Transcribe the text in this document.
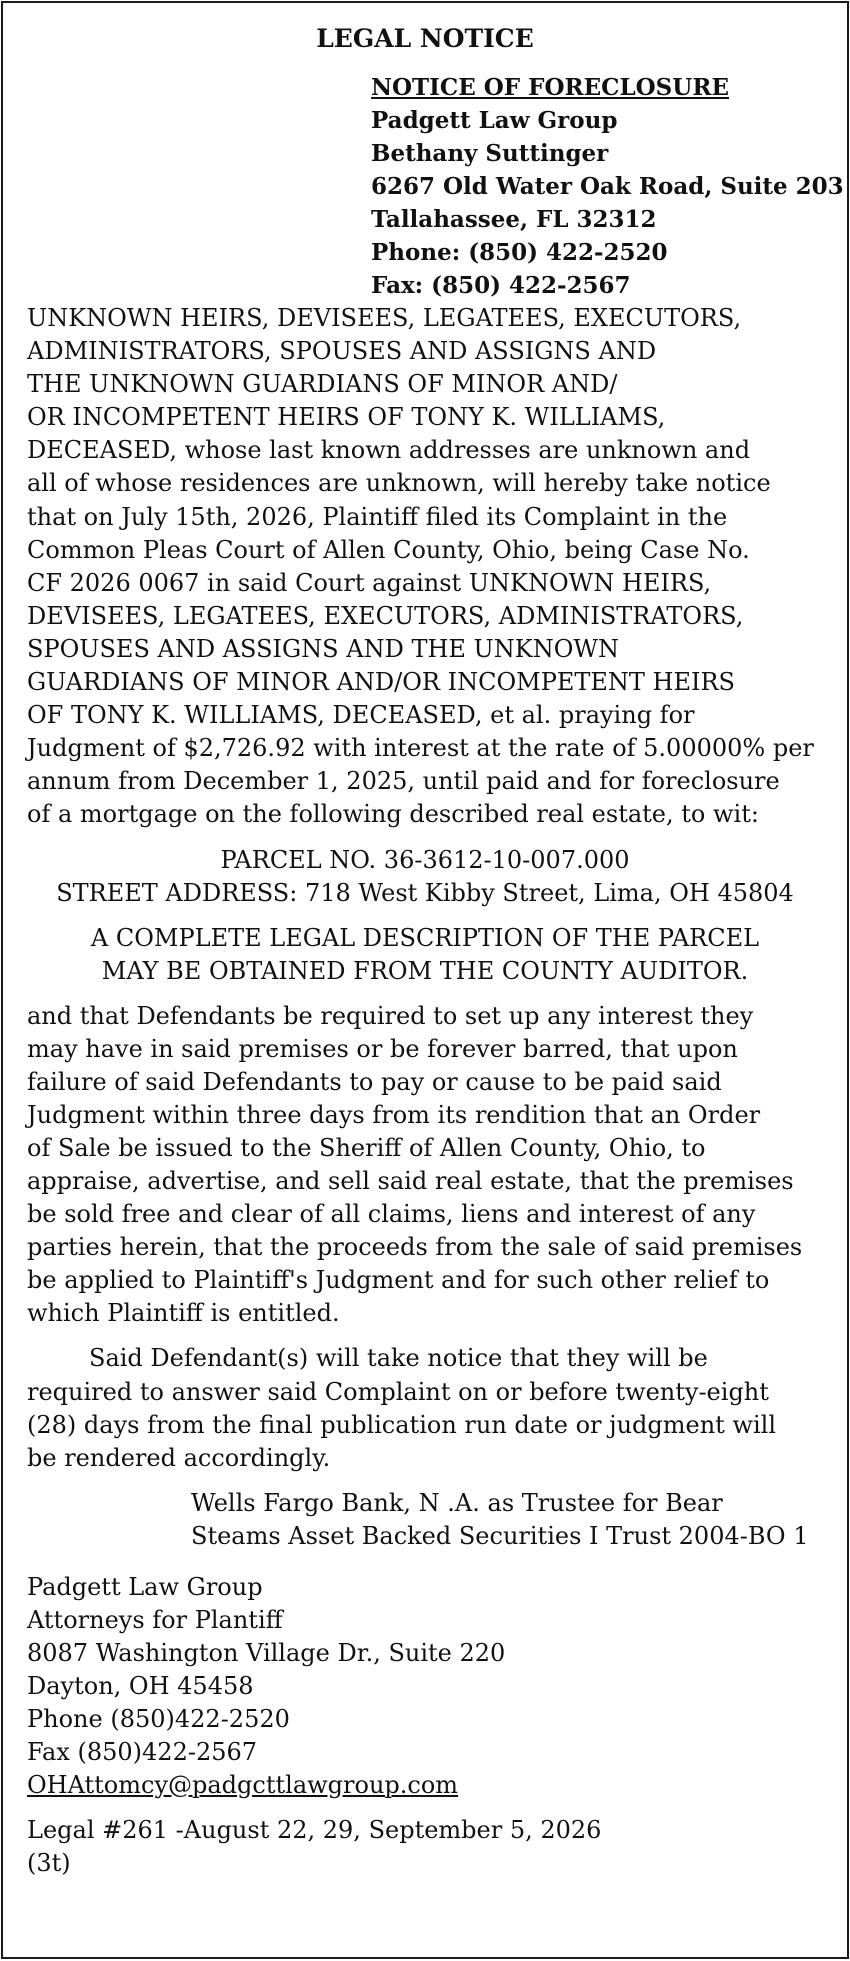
LEGAL NOTICE
NOTICE OF FORECLOSURE
Padgett Law Group
Bethany Suttinger
6267 Old Water Oak Road, Suite 203
Tallahassee, FL 32312
Phone: (850) 422-2520
Fax: (850) 422-2567
UNKNOWN HEIRS, DEVISEES, LEGATEES, EXECUTORS,
ADMINISTRATORS, SPOUSES AND ASSIGNS AND
THE UNKNOWN GUARDIANS OF MINOR AND/
OR INCOMPETENT HEIRS OF TONY K. WILLIAMS,
DECEASED, whose last known addresses are unknown and
all of whose residences are unknown, will hereby take notice
that on July 15th, 2026, Plaintiff filed its Complaint in the
Common Pleas Court of Allen County, Ohio, being Case No.
CF 2026 0067 in said Court against UNKNOWN HEIRS,
DEVISEES, LEGATEES, EXECUTORS, ADMINISTRATORS,
SPOUSES AND ASSIGNS AND THE UNKNOWN
GUARDIANS OF MINOR AND/OR INCOMPETENT HEIRS
OF TONY K. WILLIAMS, DECEASED, et al. praying for
Judgment of $2,726.92 with interest at the rate of 5.00000% per
annum from December 1, 2025, until paid and for foreclosure
of a mortgage on the following described real estate, to wit:
PARCEL NO. 36-3612-10-007.000
STREET ADDRESS: 718 West Kibby Street, Lima, OH 45804
A COMPLETE LEGAL DESCRIPTION OF THE PARCEL
MAY BE OBTAINED FROM THE COUNTY AUDITOR.
and that Defendants be required to set up any interest they
may have in said premises or be forever barred, that upon
failure of said Defendants to pay or cause to be paid said
Judgment within three days from its rendition that an Order
of Sale be issued to the Sheriff of Allen County, Ohio, to
appraise, advertise, and sell said real estate, that the premises
be sold free and clear of all claims, liens and interest of any
parties herein, that the proceeds from the sale of said premises
be applied to Plaintiff's Judgment and for such other relief to
which Plaintiff is entitled.
Said Defendant(s) will take notice that they will be
required to answer said Complaint on or before twenty-eight
(28) days from the final publication run date or judgment will
be rendered accordingly.
Wells Fargo Bank, N .A. as Trustee for Bear
Steams Asset Backed Securities I Trust 2004-BO 1
Padgett Law Group
Attorneys for Plantiff
8087 Washington Village Dr., Suite 220
Dayton, OH 45458
Phone (850)422-2520
Fax (850)422-2567
OHAttomcy@padgcttlawgroup.com
Legal #261 -August 22, 29, September 5, 2026
(3t)
